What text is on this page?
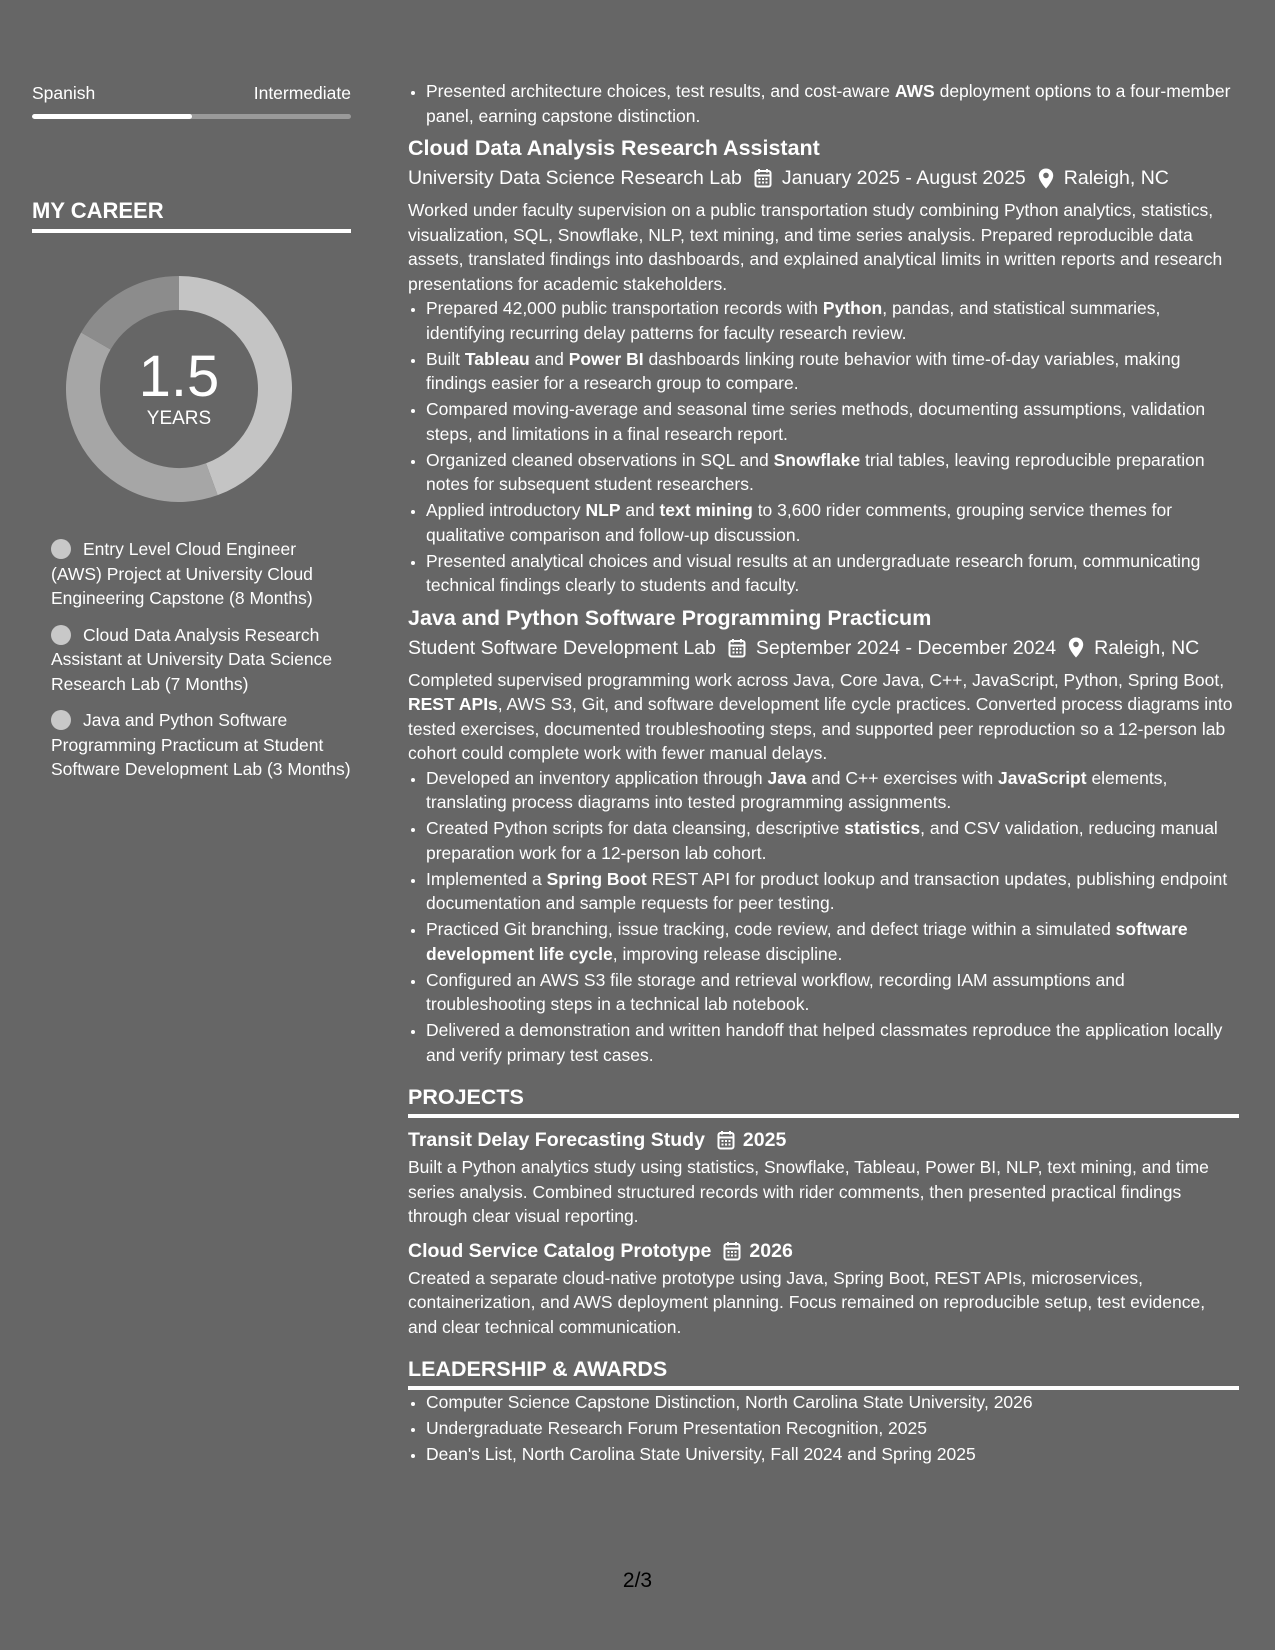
Spanish	Intermediate
MY CAREER
1.5
YEARS
Entry Level Cloud Engineer (AWS) Project at University Cloud Engineering Capstone (8 Months)
Cloud Data Analysis Research Assistant at University Data Science Research Lab (7 Months)
Java and Python Software Programming Practicum at Student Software Development Lab (3 Months)
• Presented architecture choices, test results, and cost-aware AWS deployment options to a four-member panel, earning capstone distinction.
Cloud Data Analysis Research Assistant
University Data Science Research Lab January 2025 - August 2025 Raleigh, NC
Worked under faculty supervision on a public transportation study combining Python analytics, statistics, visualization, SQL, Snowflake, NLP, text mining, and time series analysis. Prepared reproducible data assets, translated findings into dashboards, and explained analytical limits in written reports and research presentations for academic stakeholders.
• Prepared 42,000 public transportation records with Python, pandas, and statistical summaries, identifying recurring delay patterns for faculty research review.
• Built Tableau and Power BI dashboards linking route behavior with time-of-day variables, making findings easier for a research group to compare.
• Compared moving-average and seasonal time series methods, documenting assumptions, validation steps, and limitations in a final research report.
• Organized cleaned observations in SQL and Snowflake trial tables, leaving reproducible preparation notes for subsequent student researchers.
• Applied introductory NLP and text mining to 3,600 rider comments, grouping service themes for qualitative comparison and follow-up discussion.
• Presented analytical choices and visual results at an undergraduate research forum, communicating technical findings clearly to students and faculty.
Java and Python Software Programming Practicum
Student Software Development Lab September 2024 - December 2024 Raleigh, NC
Completed supervised programming work across Java, Core Java, C++, JavaScript, Python, Spring Boot, REST APIs, AWS S3, Git, and software development life cycle practices. Converted process diagrams into tested exercises, documented troubleshooting steps, and supported peer reproduction so a 12-person lab cohort could complete work with fewer manual delays.
• Developed an inventory application through Java and C++ exercises with JavaScript elements, translating process diagrams into tested programming assignments.
• Created Python scripts for data cleansing, descriptive statistics, and CSV validation, reducing manual preparation work for a 12-person lab cohort.
• Implemented a Spring Boot REST API for product lookup and transaction updates, publishing endpoint documentation and sample requests for peer testing.
• Practiced Git branching, issue tracking, code review, and defect triage within a simulated software development life cycle, improving release discipline.
• Configured an AWS S3 file storage and retrieval workflow, recording IAM assumptions and troubleshooting steps in a technical lab notebook.
• Delivered a demonstration and written handoff that helped classmates reproduce the application locally and verify primary test cases.
PROJECTS
Transit Delay Forecasting Study 2025
Built a Python analytics study using statistics, Snowflake, Tableau, Power BI, NLP, text mining, and time series analysis. Combined structured records with rider comments, then presented practical findings through clear visual reporting.
Cloud Service Catalog Prototype 2026
Created a separate cloud-native prototype using Java, Spring Boot, REST APIs, microservices, containerization, and AWS deployment planning. Focus remained on reproducible setup, test evidence, and clear technical communication.
LEADERSHIP & AWARDS
• Computer Science Capstone Distinction, North Carolina State University, 2026
• Undergraduate Research Forum Presentation Recognition, 2025
• Dean's List, North Carolina State University, Fall 2024 and Spring 2025
2/3
